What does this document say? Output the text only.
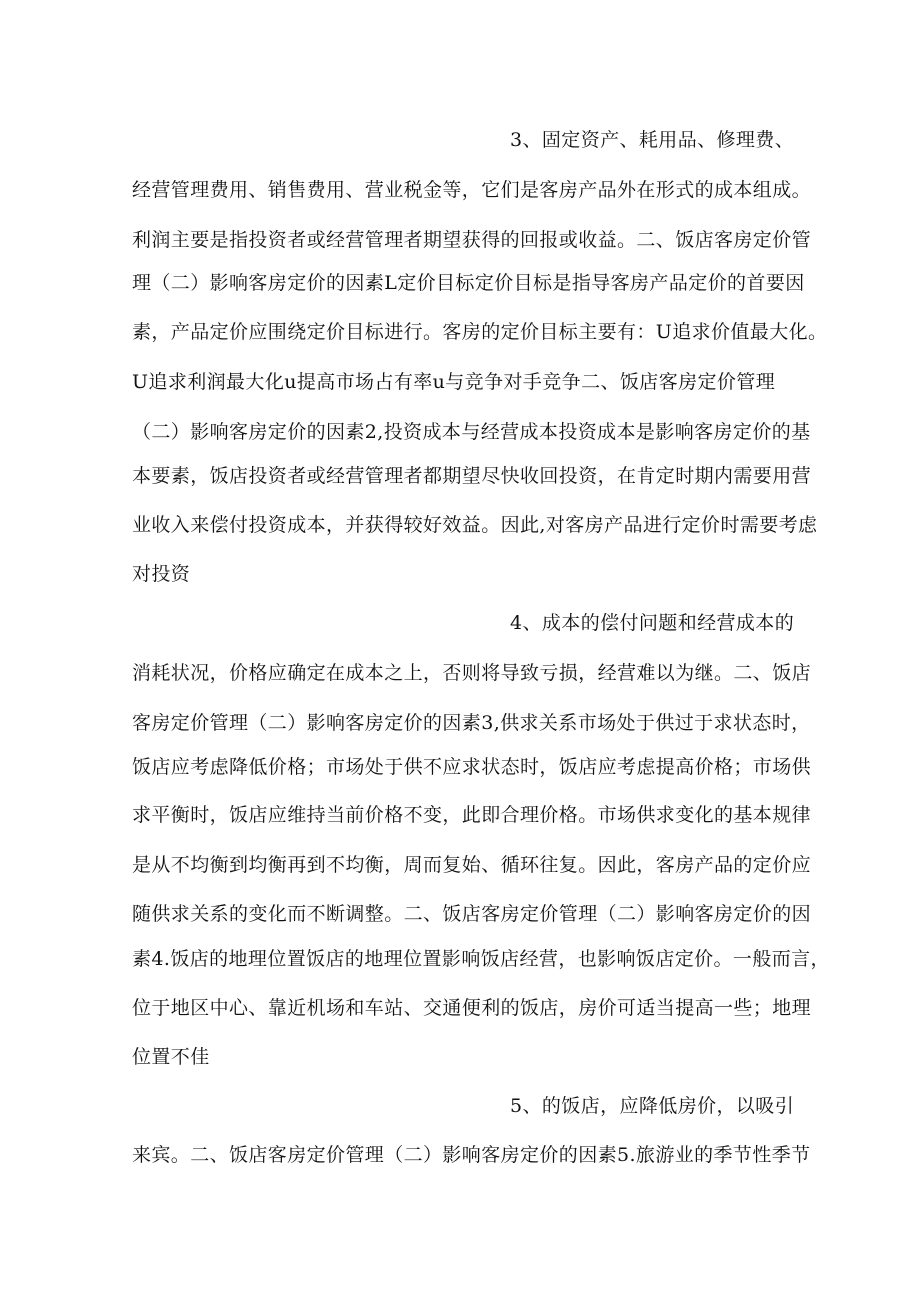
3、固定资产、耗用品、修理费、
经营管理费用、销售费用、营业税金等，它们是客房产品外在形式的成本组成。
利润主要是指投资者或经营管理者期望获得的回报或收益。二、饭店客房定价管
理（二）影响客房定价的因素L定价目标定价目标是指导客房产品定价的首要因
素，产品定价应围绕定价目标进行。客房的定价目标主要有：U追求价值最大化。
U追求利润最大化u提高市场占有率u与竞争对手竞争二、饭店客房定价管理
（二）影响客房定价的因素2,投资成本与经营成本投资成本是影响客房定价的基
本要素，饭店投资者或经营管理者都期望尽快收回投资，在肯定时期内需要用营
业收入来偿付投资成本，并获得较好效益。因此,对客房产品进行定价时需要考虑
对投资
4、成本的偿付问题和经营成本的
消耗状况，价格应确定在成本之上，否则将导致亏损，经营难以为继。二、饭店
客房定价管理（二）影响客房定价的因素3,供求关系市场处于供过于求状态时，
饭店应考虑降低价格；市场处于供不应求状态时，饭店应考虑提高价格；市场供
求平衡时，饭店应维持当前价格不变，此即合理价格。市场供求变化的基本规律
是从不均衡到均衡再到不均衡，周而复始、循环往复。因此，客房产品的定价应
随供求关系的变化而不断调整。二、饭店客房定价管理（二）影响客房定价的因
素4.饭店的地理位置饭店的地理位置影响饭店经营，也影响饭店定价。一般而言，
位于地区中心、靠近机场和车站、交通便利的饭店，房价可适当提高一些；地理
位置不佳
5、的饭店，应降低房价，以吸引
来宾。二、饭店客房定价管理（二）影响客房定价的因素5.旅游业的季节性季节
